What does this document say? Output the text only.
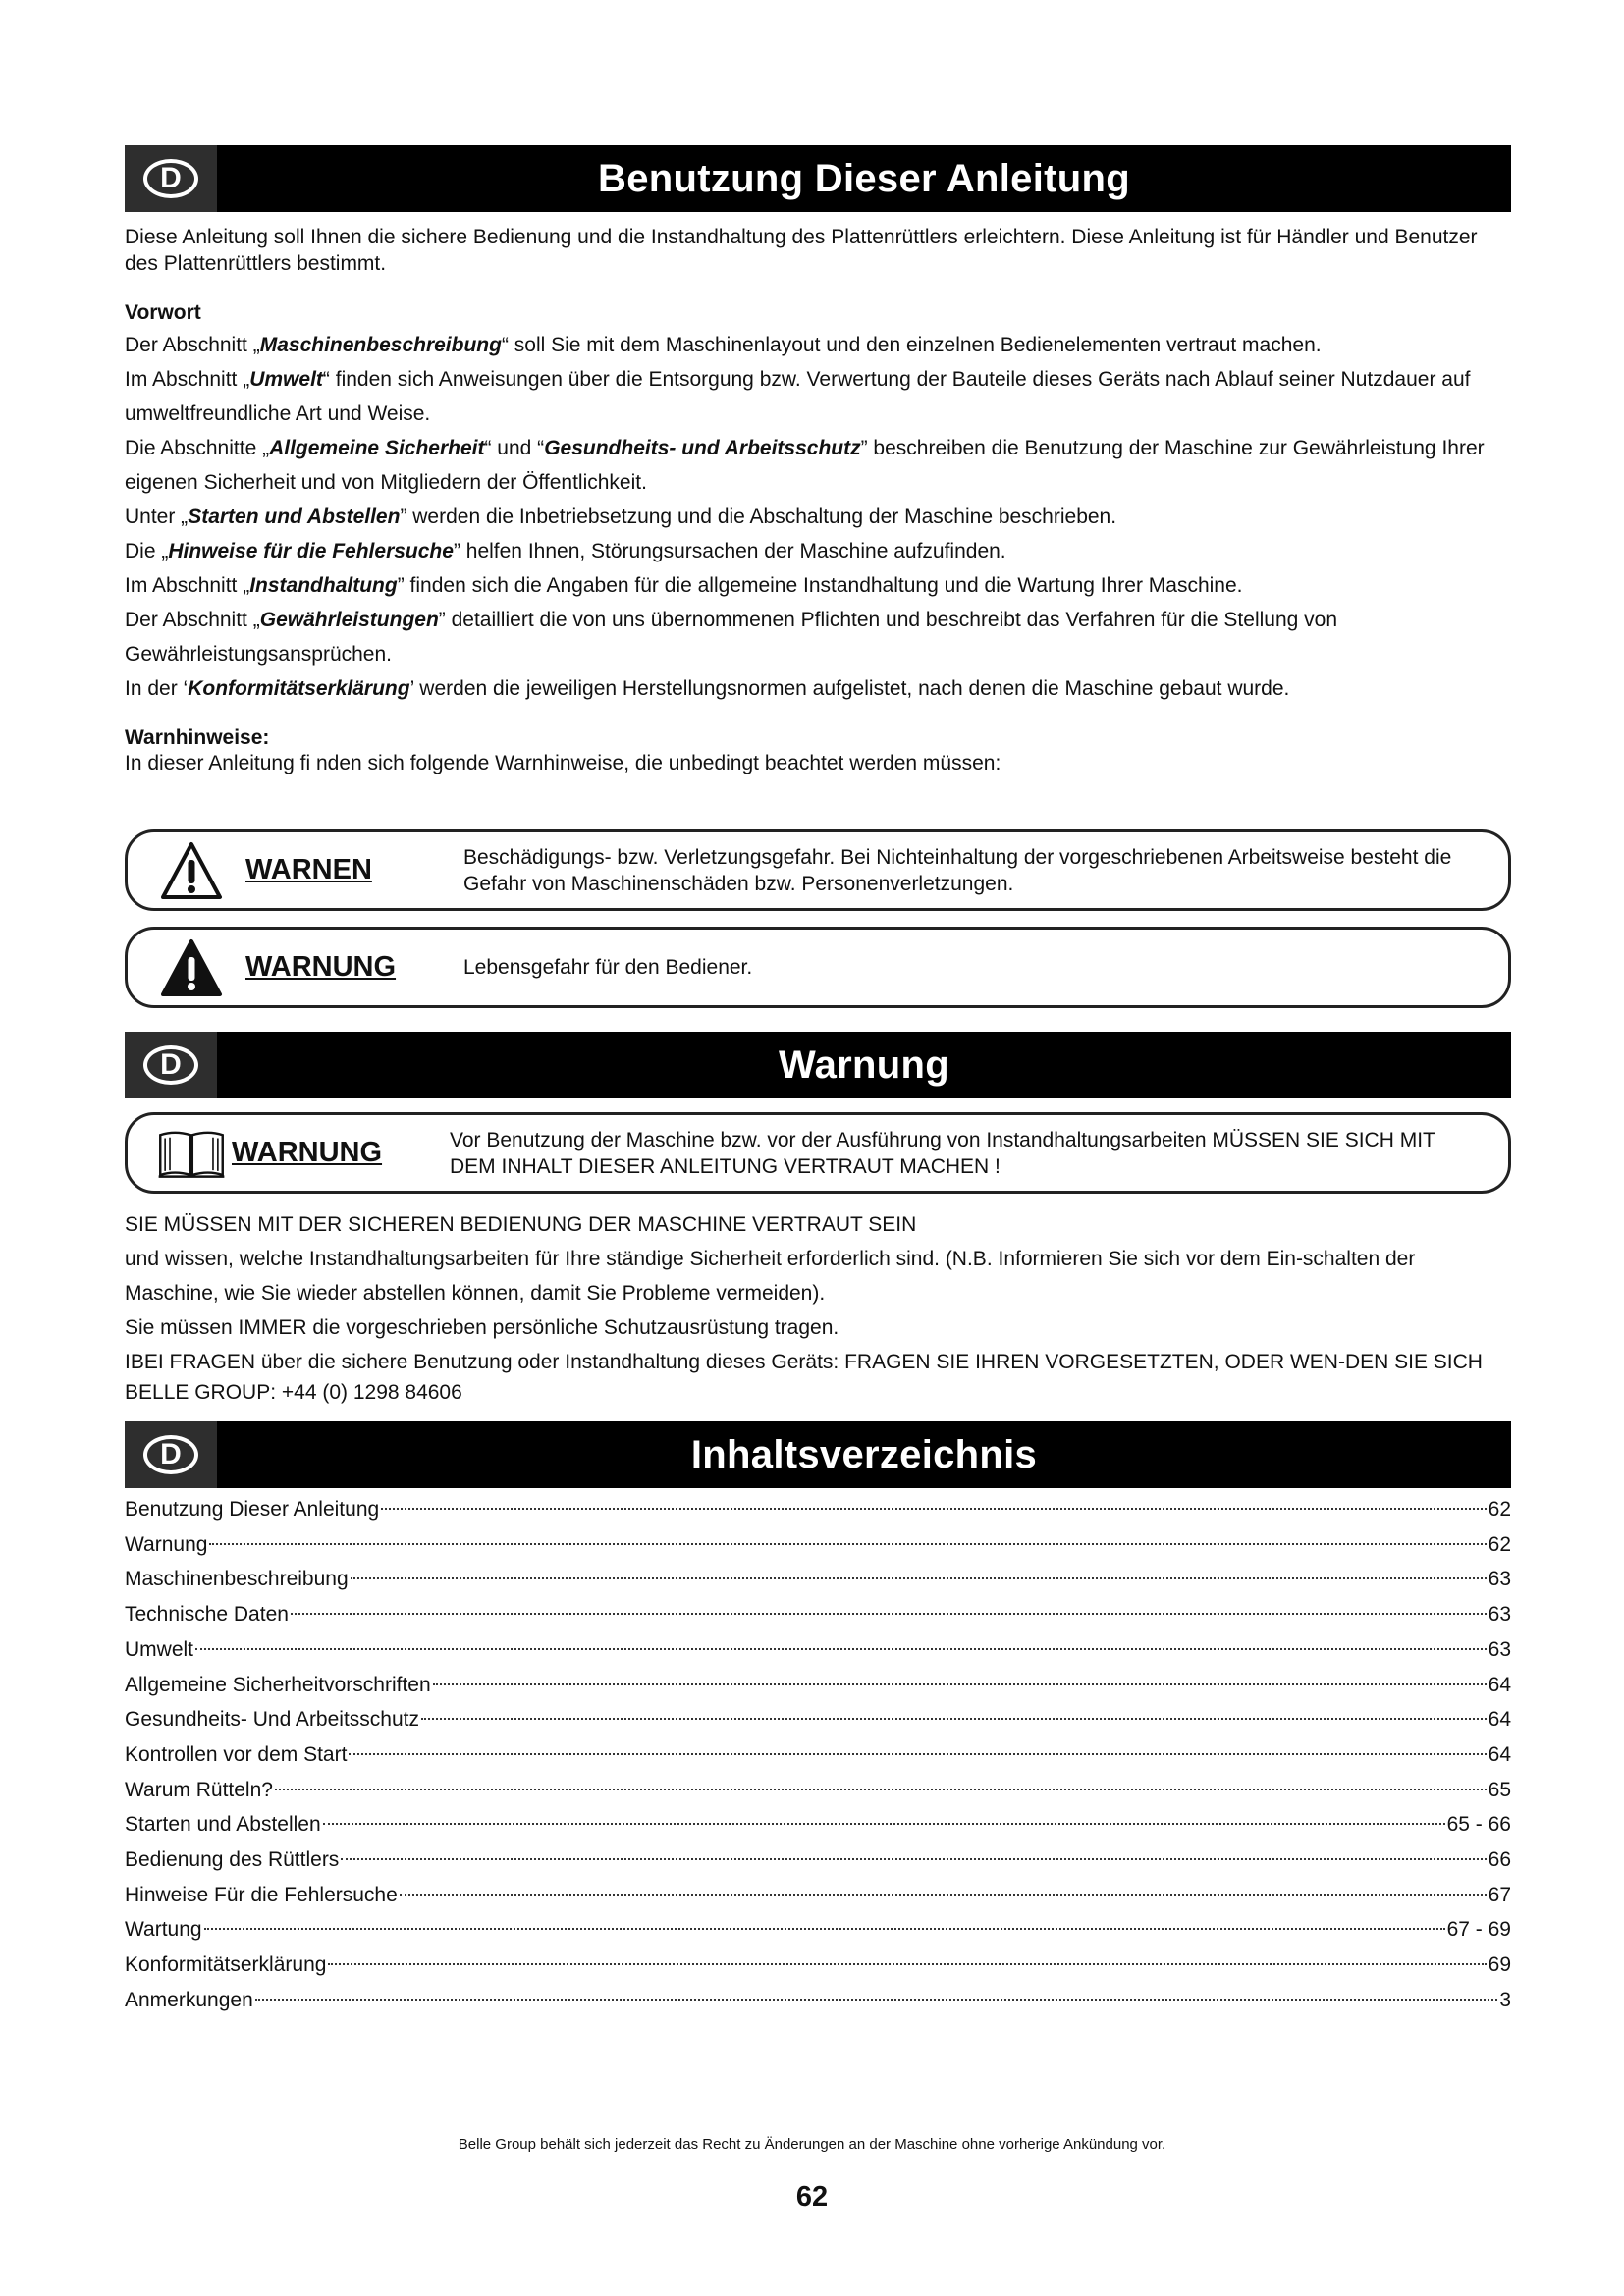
D	Benutzung Dieser Anleitung

Diese Anleitung soll Ihnen die sichere Bedienung und die Instandhaltung des Plattenrüttlers erleichtern. Diese Anleitung ist für Händler und Benutzer des Plattenrüttlers bestimmt.

Vorwort

Der Abschnitt „Maschinenbeschreibung“ soll Sie mit dem Maschinenlayout und den einzelnen Bedienelementen vertraut machen.

Im Abschnitt „Umwelt“ finden sich Anweisungen über die Entsorgung bzw. Verwertung der Bauteile dieses Geräts nach Ablauf seiner Nutzdauer auf umweltfreundliche Art und Weise.

Die Abschnitte „Allgemeine Sicherheit“ und “Gesundheits- und Arbeitsschutz” beschreiben die Benutzung der Maschine zur Gewährleistung Ihrer eigenen Sicherheit und von Mitgliedern der Öffentlichkeit.

Unter „Starten und Abstellen” werden die Inbetriebsetzung und die Abschaltung der Maschine beschrieben.

Die „Hinweise für die Fehlersuche” helfen Ihnen, Störungsursachen der Maschine aufzufinden.

Im Abschnitt „Instandhaltung” finden sich die Angaben für die allgemeine Instandhaltung und die Wartung Ihrer Maschine.

Der Abschnitt „Gewährleistungen” detailliert die von uns übernommenen Pflichten und beschreibt das Verfahren für die Stellung von Gewährleistungsansprüchen.

In der ‘Konformitätserklärung’ werden die jeweiligen Herstellungsnormen aufgelistet, nach denen die Maschine gebaut wurde.

Warnhinweise:

In dieser Anleitung fi nden sich folgende Warnhinweise, die unbedingt beachtet werden müssen:

WARNEN	Beschädigungs- bzw. Verletzungsgefahr. Bei Nichteinhaltung der vorgeschriebenen Arbeitsweise besteht die Gefahr von Maschinenschäden bzw. Personenverletzungen.
WARNUNG	Lebensgefahr für den Bediener.
D	Warnung
WARNUNG	Vor Benutzung der Maschine bzw. vor der Ausführung von Instandhaltungsarbeiten MÜSSEN SIE SICH MIT DEM INHALT DIESER ANLEITUNG VERTRAUT MACHEN !

SIE MÜSSEN MIT DER SICHEREN BEDIENUNG DER MASCHINE VERTRAUT SEIN

und wissen, welche Instandhaltungsarbeiten für Ihre ständige Sicherheit erforderlich sind. (N.B. Informieren Sie sich vor dem Ein-schalten der Maschine, wie Sie wieder abstellen können, damit Sie Probleme vermeiden).

Sie müssen IMMER die vorgeschrieben persönliche Schutzausrüstung tragen.

IBEI FRAGEN über die sichere Benutzung oder Instandhaltung dieses Geräts: FRAGEN SIE IHREN VORGESETZTEN, ODER WEN-DEN SIE SICH BELLE GROUP: +44 (0) 1298 84606

D	Inhaltsverzeichnis
Benutzung Dieser Anleitung	62
Warnung	62
Maschinenbeschreibung	63
Technische Daten	63
Umwelt	63
Allgemeine Sicherheitvorschriften	64
Gesundheits- Und Arbeitsschutz	64
Kontrollen vor dem Start	64
Warum Rütteln?	65
Starten und Abstellen	65 - 66
Bedienung des Rüttlers	66
Hinweise Für die Fehlersuche	67
Wartung	67 - 69
Konformitätserklärung	69
Anmerkungen	3
Belle Group behält sich jederzeit das Recht zu Änderungen an der Maschine ohne vorherige Ankündung vor.
62
